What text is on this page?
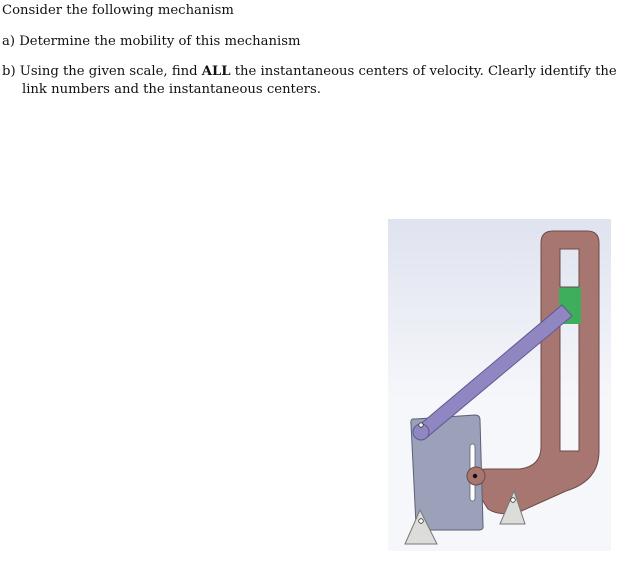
Consider the following mechanism
a) Determine the mobility of this mechanism
b) Using the given scale, find ALL the instantaneous centers of velocity. Clearly identify the
link numbers and the instantaneous centers.
